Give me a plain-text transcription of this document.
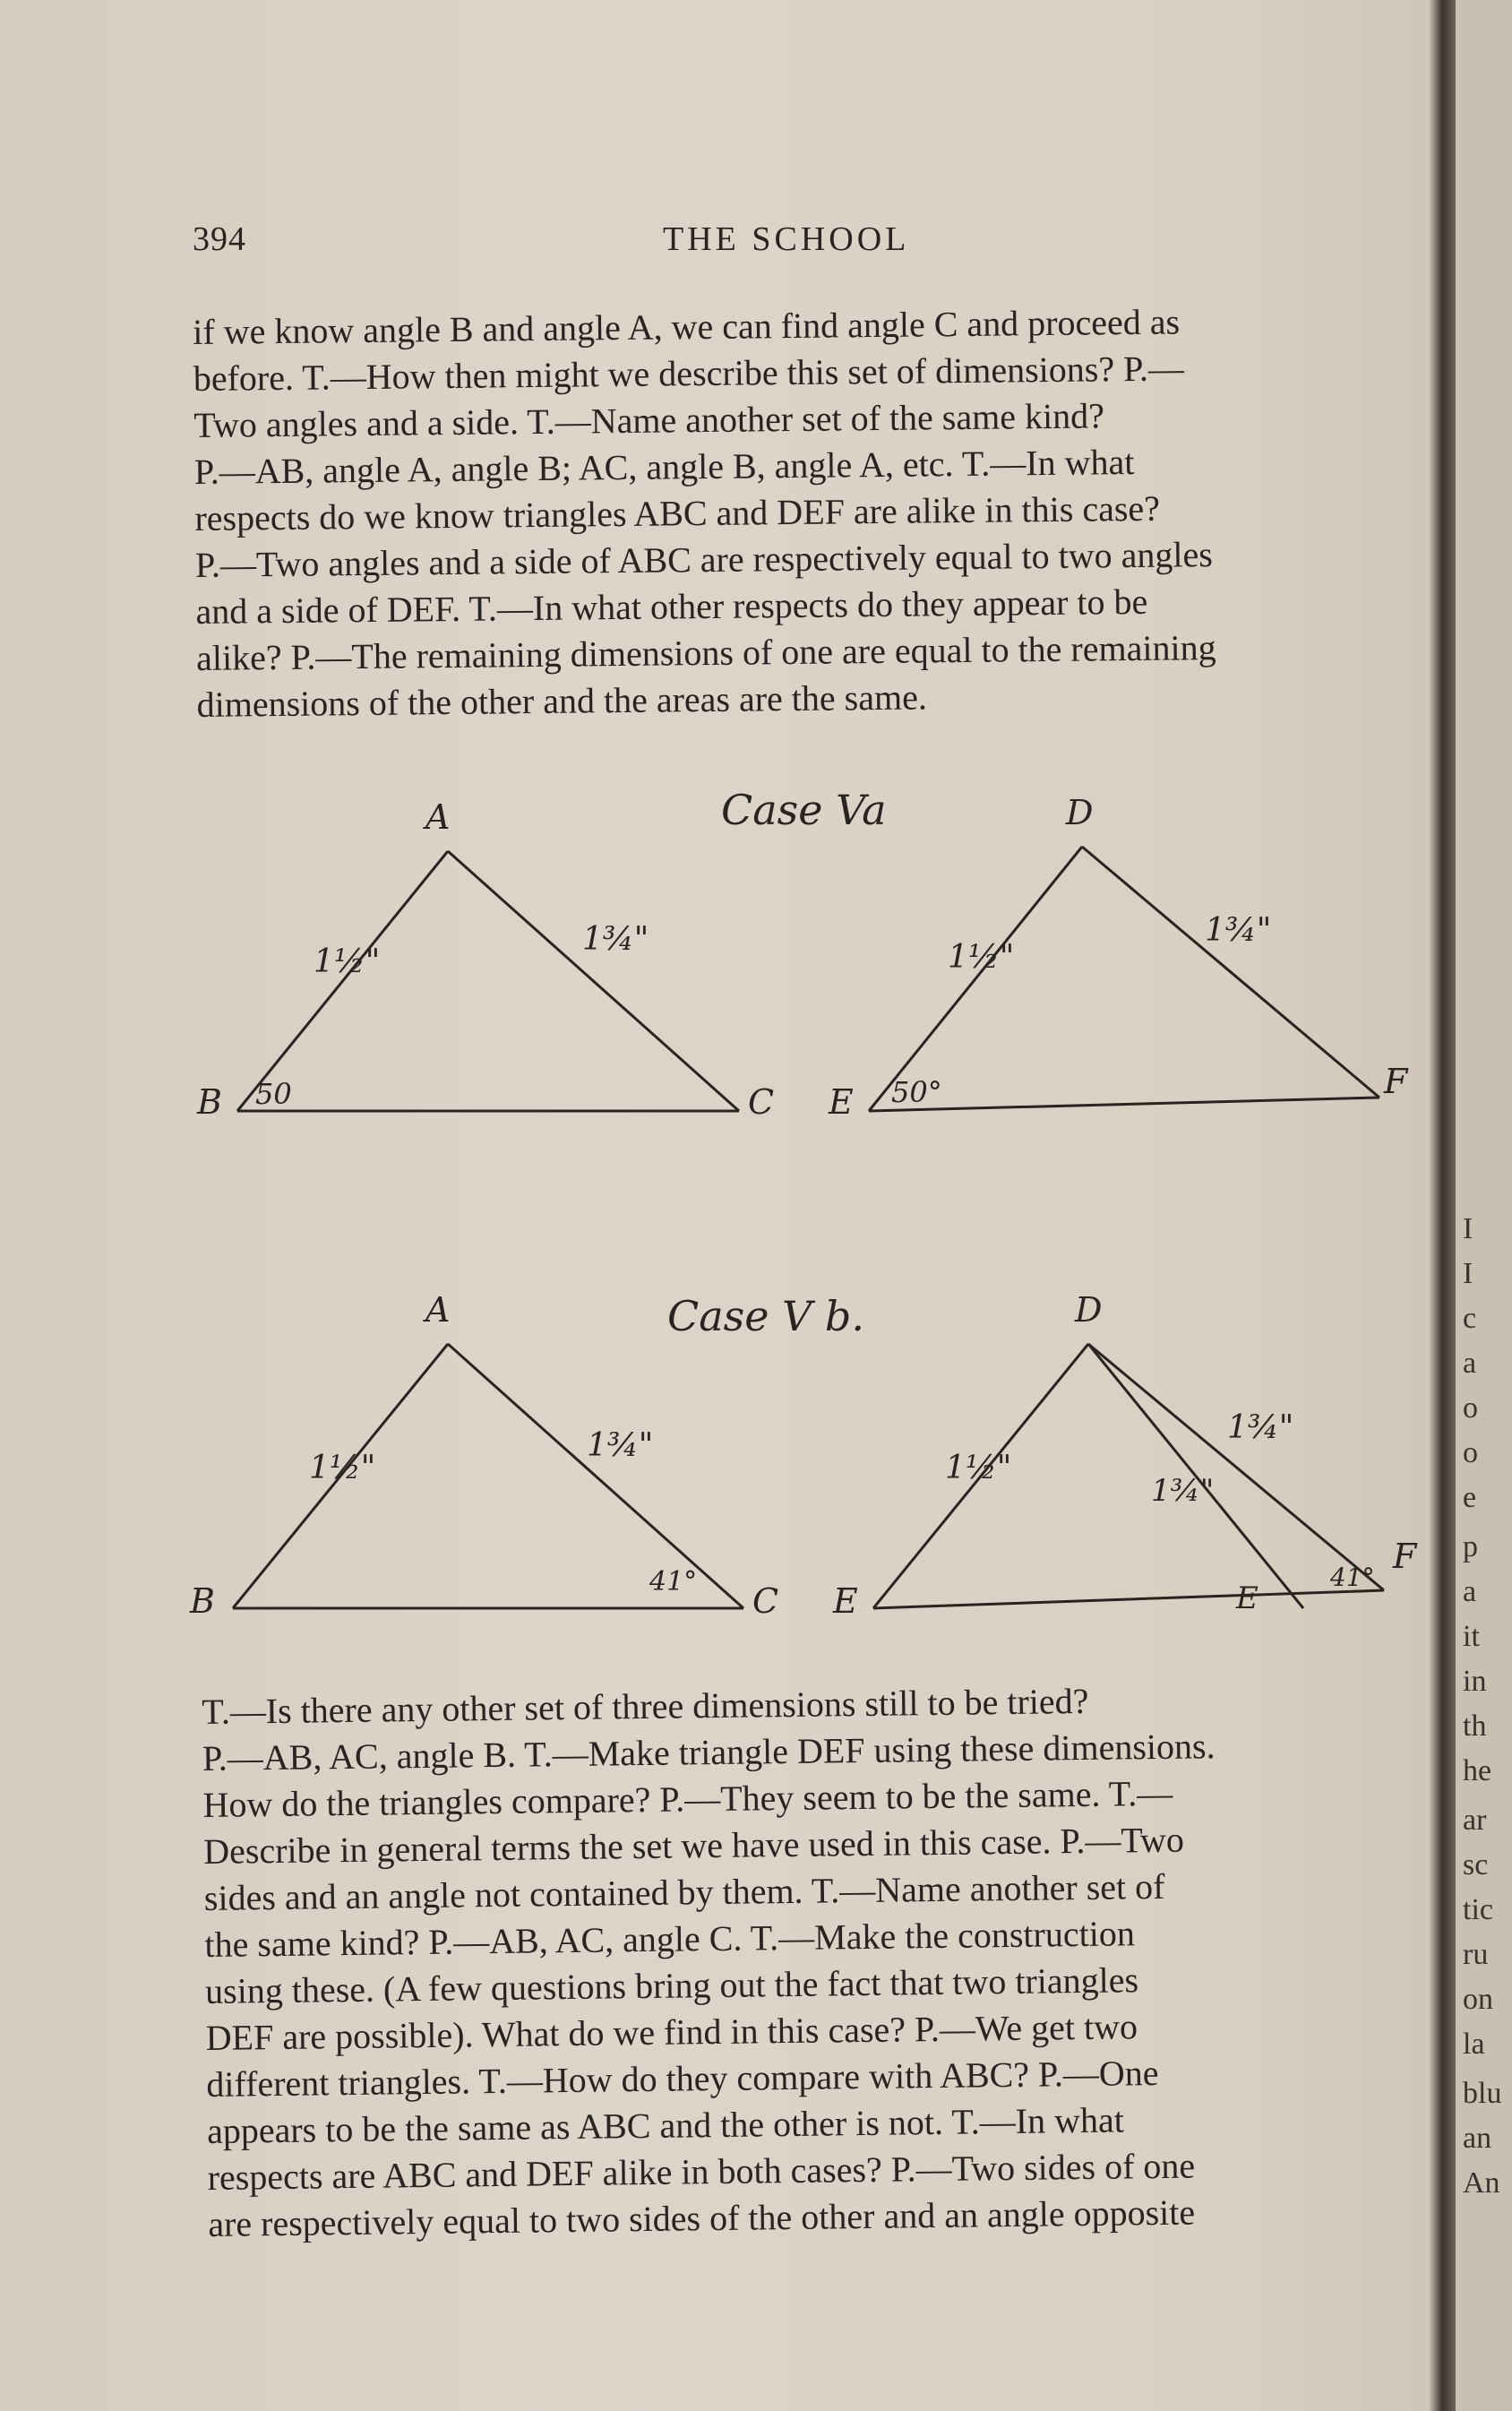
394	THE SCHOOL
if we know angle B and angle A, we can find angle C and proceed as
before. T.—How then might we describe this set of dimensions? P.—
Two angles and a side. T.—Name another set of the same kind?
P.—AB, angle A, angle B; AC, angle B, angle A, etc. T.—In what
respects do we know triangles ABC and DEF are alike in this case?
P.—Two angles and a side of ABC are respectively equal to two angles
and a side of DEF. T.—In what other respects do they appear to be
alike? P.—The remaining dimensions of one are equal to the remaining
dimensions of the other and the areas are the same.
A
B	C
1½"
1¾"
50
Case Va	D
E
F
1½"
1¾"
50°
Case V b.
A
B	C
1½"
1¾"
41°
D
E	E
F
1½"
1¾"
1¾"
41°
T.—Is there any other set of three dimensions still to be tried?
P.—AB, AC, angle B. T.—Make triangle DEF using these dimensions.
How do the triangles compare? P.—They seem to be the same. T.—
Describe in general terms the set we have used in this case. P.—Two
sides and an angle not contained by them. T.—Name another set of
the same kind? P.—AB, AC, angle C. T.—Make the construction
using these. (A few questions bring out the fact that two triangles
DEF are possible). What do we find in this case? P.—We get two
different triangles. T.—How do they compare with ABC? P.—One
appears to be the same as ABC and the other is not. T.—In what
respects are ABC and DEF alike in both cases? P.—Two sides of one
are respectively equal to two sides of the other and an angle opposite
I
I
c
a
o
o
e
p
a
it
in
th
he
ar
sc
tic
ru
on
la
blu
an
An
